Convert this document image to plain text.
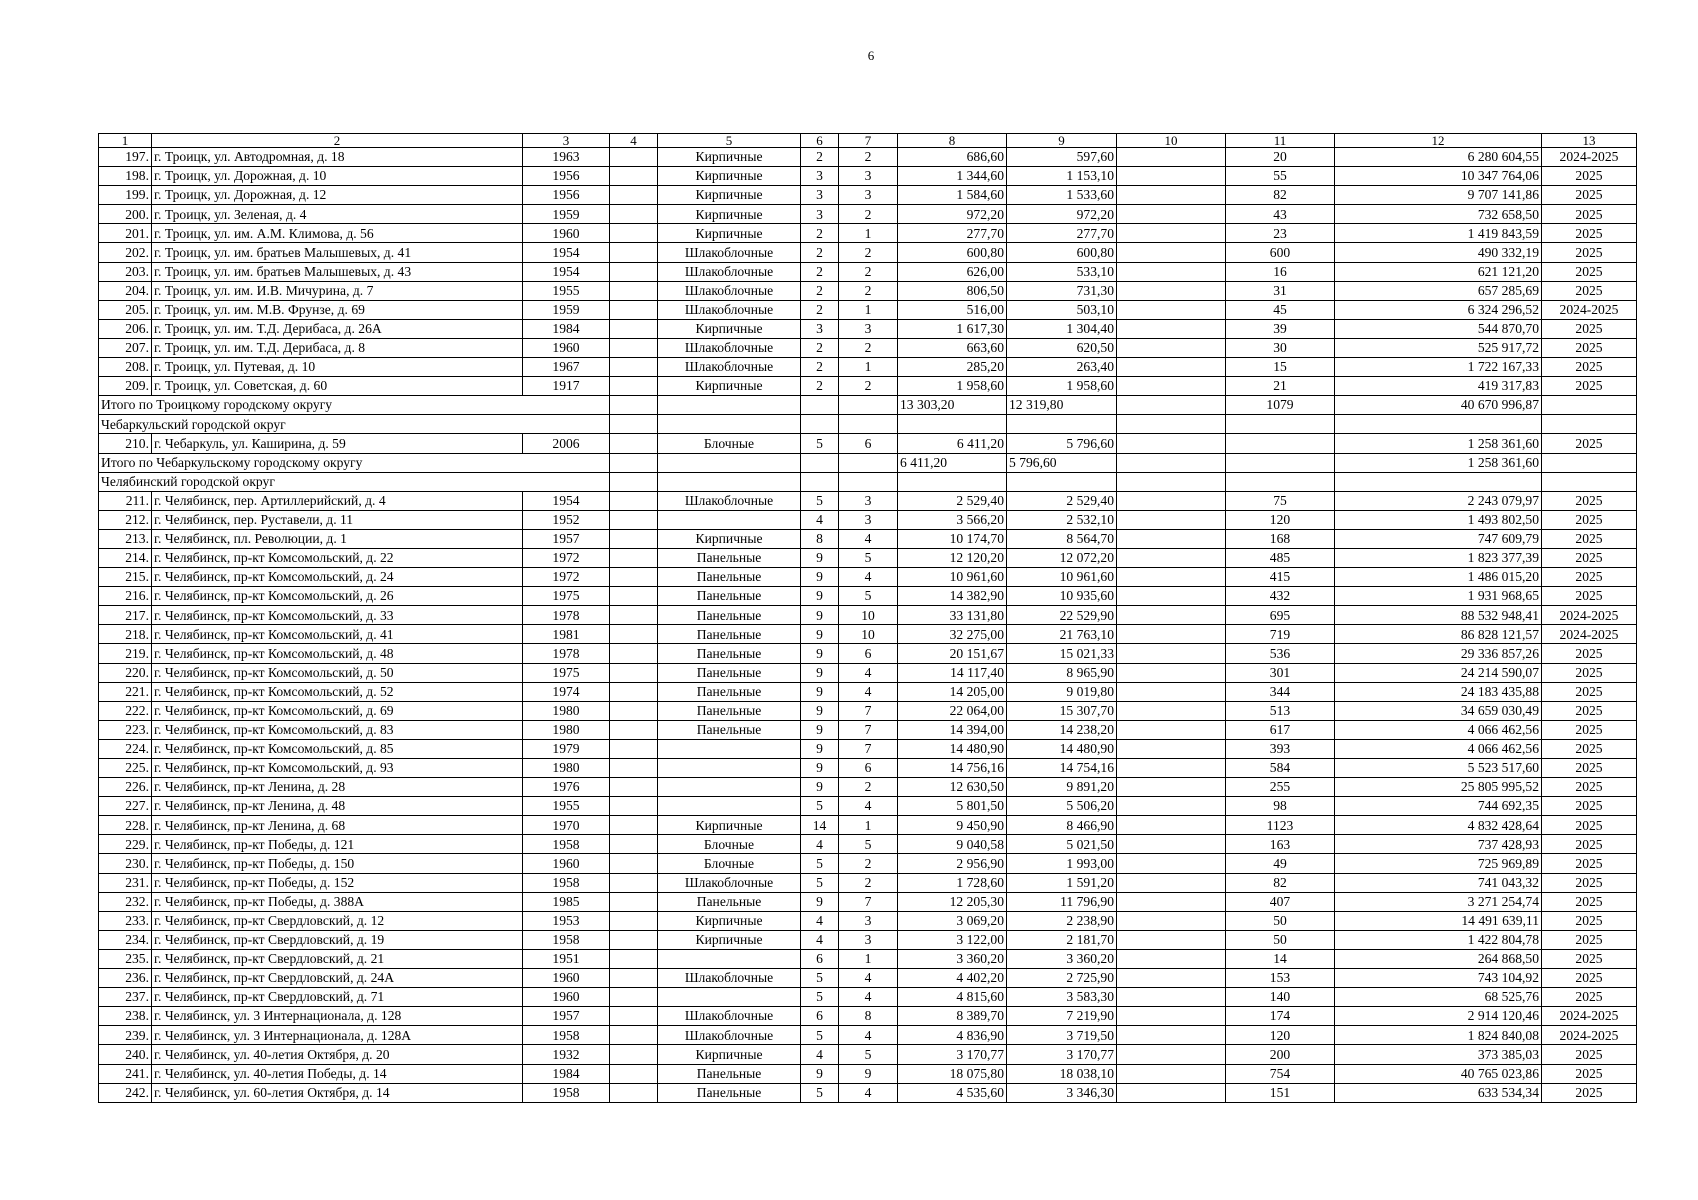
6
1	2	3	4	5	6	7	8	9	10	11	12	13
197.	г. Троицк, ул. Автодромная, д. 18	1963		Кирпичные	2	2	686,60	597,60		20	6 280 604,55	2024-2025
198.	г. Троицк, ул. Дорожная, д. 10	1956		Кирпичные	3	3	1 344,60	1 153,10		55	10 347 764,06	2025
199.	г. Троицк, ул. Дорожная, д. 12	1956		Кирпичные	3	3	1 584,60	1 533,60		82	9 707 141,86	2025
200.	г. Троицк, ул. Зеленая, д. 4	1959		Кирпичные	3	2	972,20	972,20		43	732 658,50	2025
201.	г. Троицк, ул. им. А.М. Климова, д. 56	1960		Кирпичные	2	1	277,70	277,70		23	1 419 843,59	2025
202.	г. Троицк, ул. им. братьев Малышевых, д. 41	1954		Шлакоблочные	2	2	600,80	600,80		600	490 332,19	2025
203.	г. Троицк, ул. им. братьев Малышевых, д. 43	1954		Шлакоблочные	2	2	626,00	533,10		16	621 121,20	2025
204.	г. Троицк, ул. им. И.В. Мичурина, д. 7	1955		Шлакоблочные	2	2	806,50	731,30		31	657 285,69	2025
205.	г. Троицк, ул. им. М.В. Фрунзе, д. 69	1959		Шлакоблочные	2	1	516,00	503,10		45	6 324 296,52	2024-2025
206.	г. Троицк, ул. им. Т.Д. Дерибаса, д. 26А	1984		Кирпичные	3	3	1 617,30	1 304,40		39	544 870,70	2025
207.	г. Троицк, ул. им. Т.Д. Дерибаса, д. 8	1960		Шлакоблочные	2	2	663,60	620,50		30	525 917,72	2025
208.	г. Троицк, ул. Путевая, д. 10	1967		Шлакоблочные	2	1	285,20	263,40		15	1 722 167,33	2025
209.	г. Троицк, ул. Советская, д. 60	1917		Кирпичные	2	2	1 958,60	1 958,60		21	419 317,83	2025
Итого по Троицкому городскому округу							13 303,20	12 319,80		1079	40 670 996,87	
Чебаркульский городской округ												
210.	г. Чебаркуль, ул. Каширина, д. 59	2006		Блочные	5	6	6 411,20	5 796,60			1 258 361,60	2025
Итого по Чебаркульскому городскому округу							6 411,20	5 796,60			1 258 361,60	
Челябинский городской округ												
211.	г. Челябинск, пер. Артиллерийский, д. 4	1954		Шлакоблочные	5	3	2 529,40	2 529,40		75	2 243 079,97	2025
212.	г. Челябинск, пер. Руставели, д. 11	1952			4	3	3 566,20	2 532,10		120	1 493 802,50	2025
213.	г. Челябинск, пл. Революции, д. 1	1957		Кирпичные	8	4	10 174,70	8 564,70		168	747 609,79	2025
214.	г. Челябинск, пр-кт Комсомольский, д. 22	1972		Панельные	9	5	12 120,20	12 072,20		485	1 823 377,39	2025
215.	г. Челябинск, пр-кт Комсомольский, д. 24	1972		Панельные	9	4	10 961,60	10 961,60		415	1 486 015,20	2025
216.	г. Челябинск, пр-кт Комсомольский, д. 26	1975		Панельные	9	5	14 382,90	10 935,60		432	1 931 968,65	2025
217.	г. Челябинск, пр-кт Комсомольский, д. 33	1978		Панельные	9	10	33 131,80	22 529,90		695	88 532 948,41	2024-2025
218.	г. Челябинск, пр-кт Комсомольский, д. 41	1981		Панельные	9	10	32 275,00	21 763,10		719	86 828 121,57	2024-2025
219.	г. Челябинск, пр-кт Комсомольский, д. 48	1978		Панельные	9	6	20 151,67	15 021,33		536	29 336 857,26	2025
220.	г. Челябинск, пр-кт Комсомольский, д. 50	1975		Панельные	9	4	14 117,40	8 965,90		301	24 214 590,07	2025
221.	г. Челябинск, пр-кт Комсомольский, д. 52	1974		Панельные	9	4	14 205,00	9 019,80		344	24 183 435,88	2025
222.	г. Челябинск, пр-кт Комсомольский, д. 69	1980		Панельные	9	7	22 064,00	15 307,70		513	34 659 030,49	2025
223.	г. Челябинск, пр-кт Комсомольский, д. 83	1980		Панельные	9	7	14 394,00	14 238,20		617	4 066 462,56	2025
224.	г. Челябинск, пр-кт Комсомольский, д. 85	1979			9	7	14 480,90	14 480,90		393	4 066 462,56	2025
225.	г. Челябинск, пр-кт Комсомольский, д. 93	1980			9	6	14 756,16	14 754,16		584	5 523 517,60	2025
226.	г. Челябинск, пр-кт Ленина, д. 28	1976			9	2	12 630,50	9 891,20		255	25 805 995,52	2025
227.	г. Челябинск, пр-кт Ленина, д. 48	1955			5	4	5 801,50	5 506,20		98	744 692,35	2025
228.	г. Челябинск, пр-кт Ленина, д. 68	1970		Кирпичные	14	1	9 450,90	8 466,90		1123	4 832 428,64	2025
229.	г. Челябинск, пр-кт Победы, д. 121	1958		Блочные	4	5	9 040,58	5 021,50		163	737 428,93	2025
230.	г. Челябинск, пр-кт Победы, д. 150	1960		Блочные	5	2	2 956,90	1 993,00		49	725 969,89	2025
231.	г. Челябинск, пр-кт Победы, д. 152	1958		Шлакоблочные	5	2	1 728,60	1 591,20		82	741 043,32	2025
232.	г. Челябинск, пр-кт Победы, д. 388А	1985		Панельные	9	7	12 205,30	11 796,90		407	3 271 254,74	2025
233.	г. Челябинск, пр-кт Свердловский, д. 12	1953		Кирпичные	4	3	3 069,20	2 238,90		50	14 491 639,11	2025
234.	г. Челябинск, пр-кт Свердловский, д. 19	1958		Кирпичные	4	3	3 122,00	2 181,70		50	1 422 804,78	2025
235.	г. Челябинск, пр-кт Свердловский, д. 21	1951			6	1	3 360,20	3 360,20		14	264 868,50	2025
236.	г. Челябинск, пр-кт Свердловский, д. 24А	1960		Шлакоблочные	5	4	4 402,20	2 725,90		153	743 104,92	2025
237.	г. Челябинск, пр-кт Свердловский, д. 71	1960			5	4	4 815,60	3 583,30		140	68 525,76	2025
238.	г. Челябинск, ул. 3 Интернационала, д. 128	1957		Шлакоблочные	6	8	8 389,70	7 219,90		174	2 914 120,46	2024-2025
239.	г. Челябинск, ул. 3 Интернационала, д. 128А	1958		Шлакоблочные	5	4	4 836,90	3 719,50		120	1 824 840,08	2024-2025
240.	г. Челябинск, ул. 40-летия Октября, д. 20	1932		Кирпичные	4	5	3 170,77	3 170,77		200	373 385,03	2025
241.	г. Челябинск, ул. 40-летия Победы, д. 14	1984		Панельные	9	9	18 075,80	18 038,10		754	40 765 023,86	2025
242.	г. Челябинск, ул. 60-летия Октября, д. 14	1958		Панельные	5	4	4 535,60	3 346,30		151	633 534,34	2025
